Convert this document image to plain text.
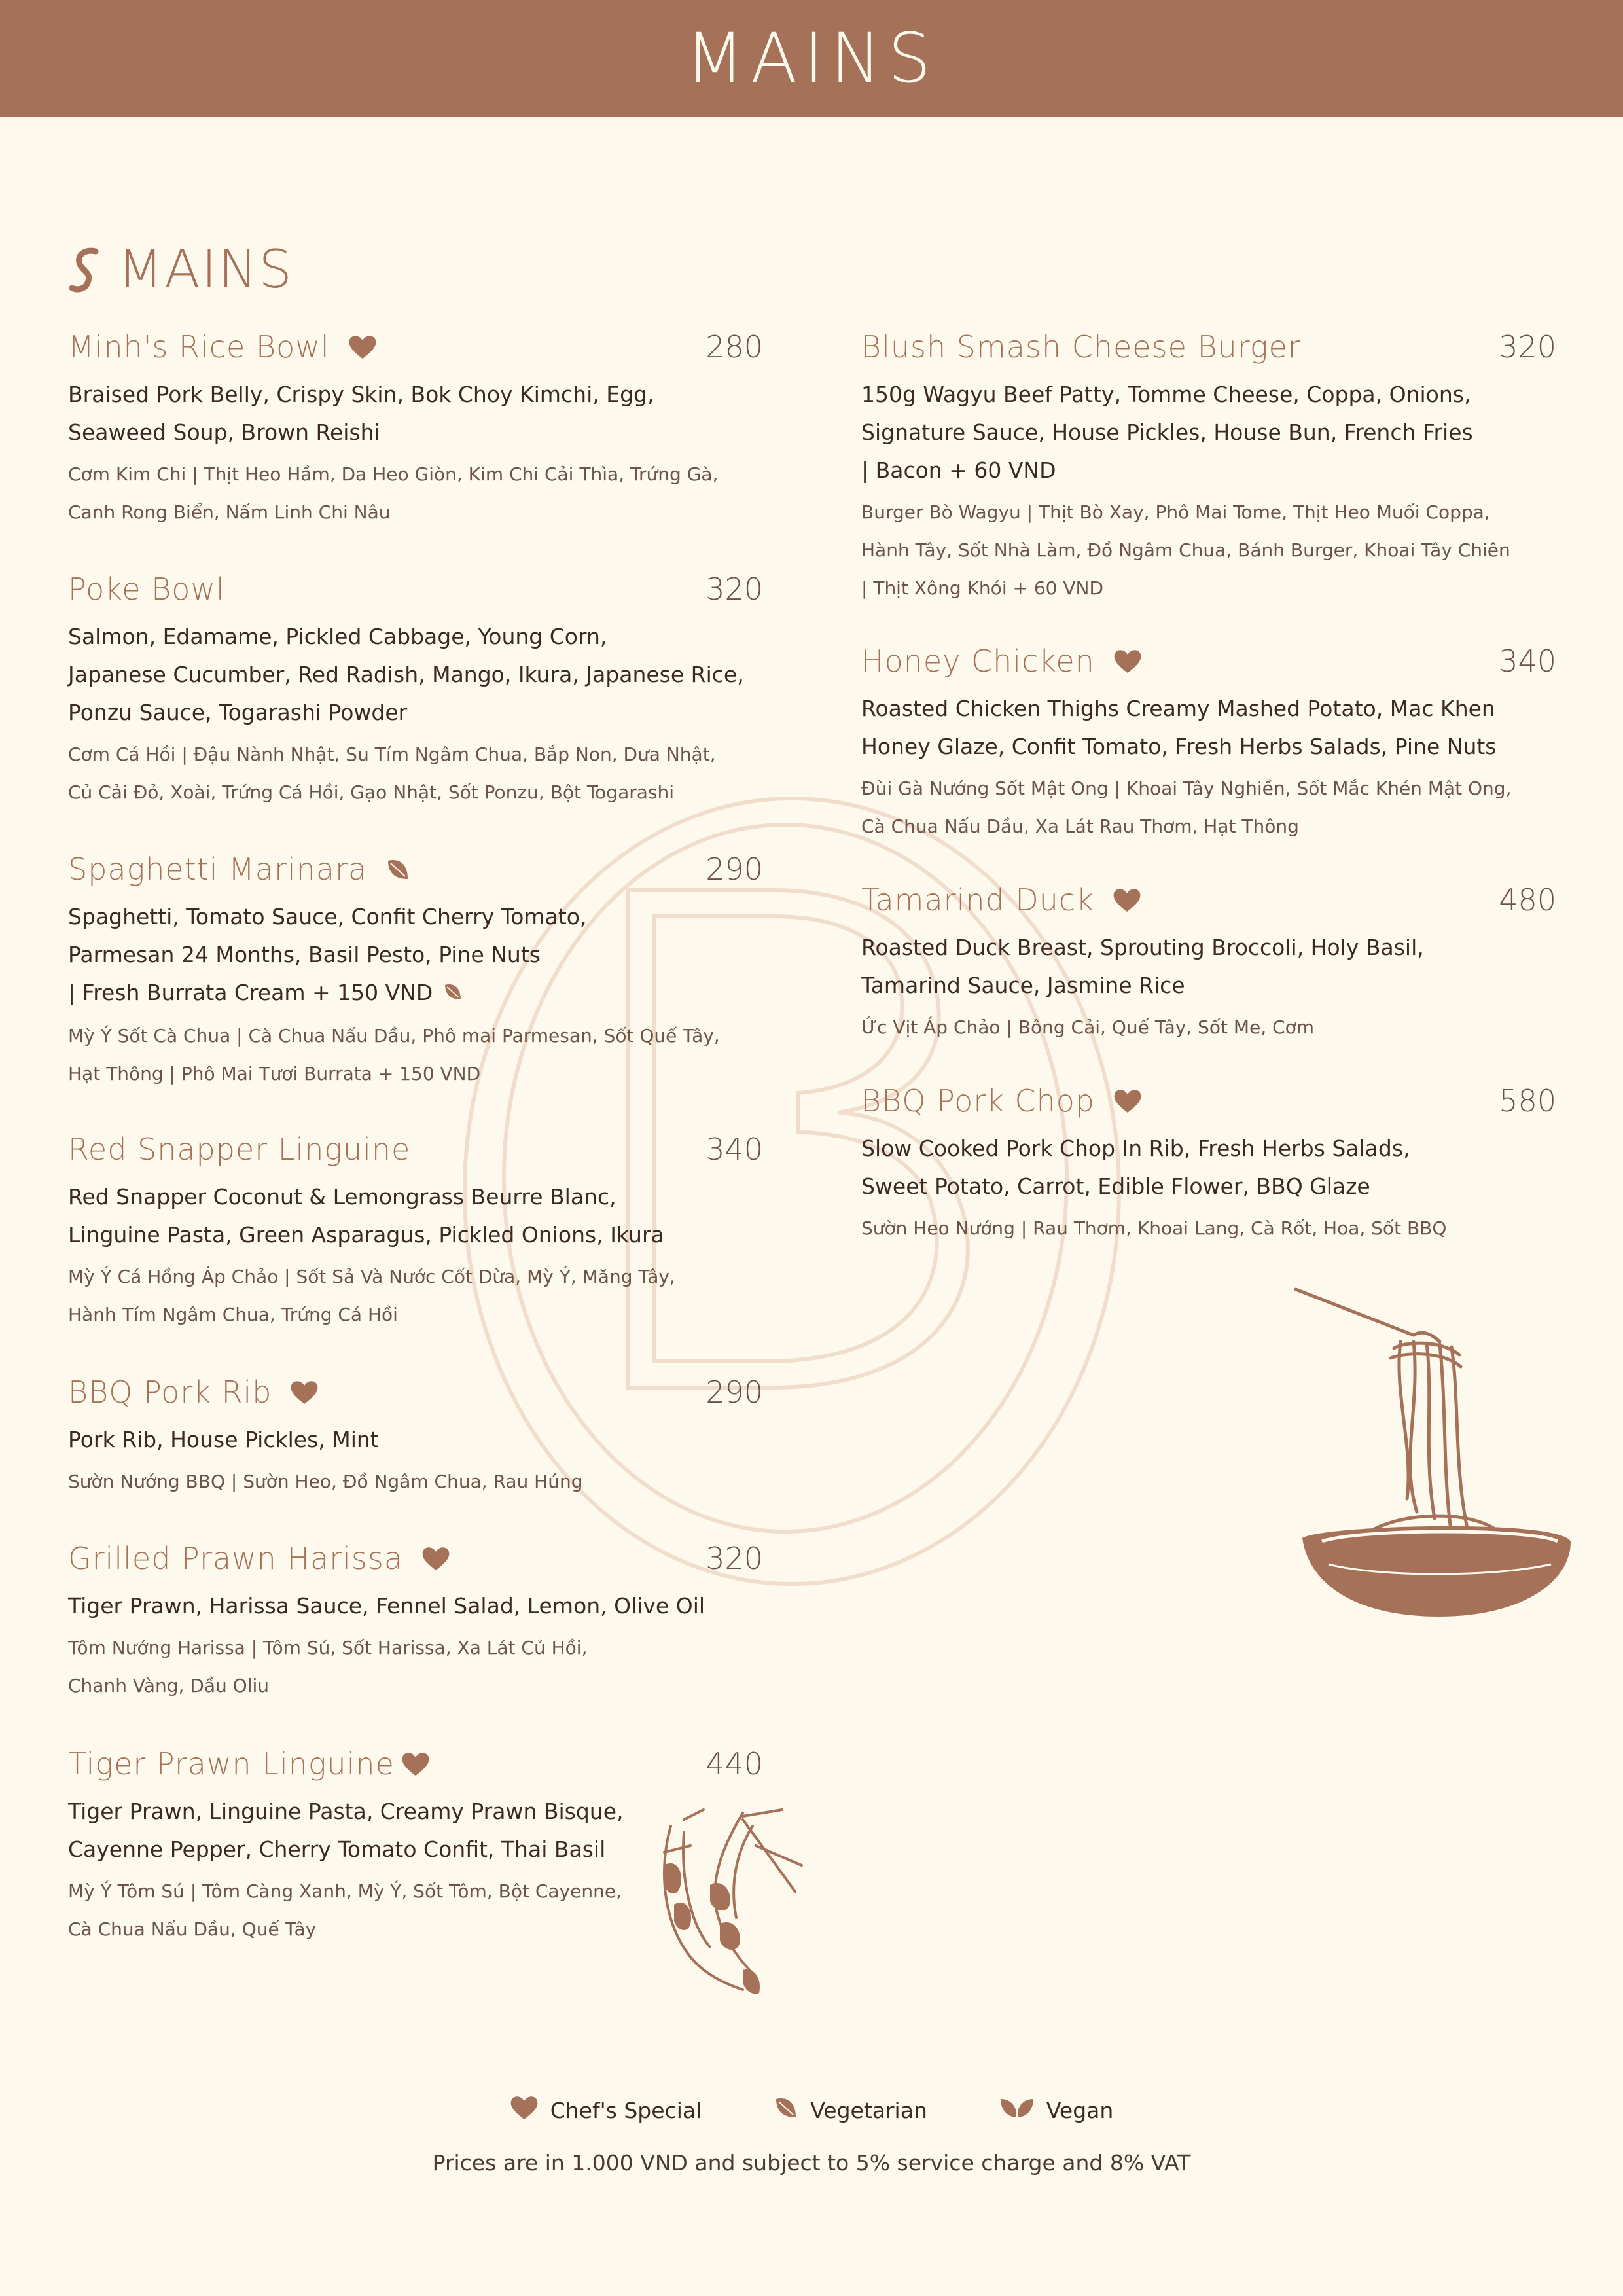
MAINS
MAINS
Minh's Rice Bowl	280
Braised Pork Belly, Crispy Skin, Bok Choy Kimchi, Egg,
Seaweed Soup, Brown Reishi
Cơm Kim Chi | Thịt Heo Hầm, Da Heo Giòn, Kim Chi Cải Thìa, Trứng Gà,
Canh Rong Biển, Nấm Linh Chi Nâu
Poke Bowl	320
Salmon, Edamame, Pickled Cabbage, Young Corn,
Japanese Cucumber, Red Radish, Mango, Ikura, Japanese Rice,
Ponzu Sauce, Togarashi Powder
Cơm Cá Hồi | Đậu Nành Nhật, Su Tím Ngâm Chua, Bắp Non, Dưa Nhật,
Củ Cải Đỏ, Xoài, Trứng Cá Hồi, Gạo Nhật, Sốt Ponzu, Bột Togarashi
Spaghetti Marinara	290
Spaghetti, Tomato Sauce, Confit Cherry Tomato,
Parmesan 24 Months, Basil Pesto, Pine Nuts
| Fresh Burrata Cream + 150 VND
Mỳ Ý Sốt Cà Chua | Cà Chua Nấu Dầu, Phô mai Parmesan, Sốt Quế Tây,
Hạt Thông | Phô Mai Tươi Burrata + 150 VND
Red Snapper Linguine	340
Red Snapper Coconut & Lemongrass Beurre Blanc,
Linguine Pasta, Green Asparagus, Pickled Onions, Ikura
Mỳ Ý Cá Hồng Áp Chảo | Sốt Sả Và Nước Cốt Dừa, Mỳ Ý, Măng Tây,
Hành Tím Ngâm Chua, Trứng Cá Hồi
BBQ Pork Rib	290
Pork Rib, House Pickles, Mint
Sườn Nướng BBQ | Sườn Heo, Đồ Ngâm Chua, Rau Húng
Grilled Prawn Harissa	320
Tiger Prawn, Harissa Sauce, Fennel Salad, Lemon, Olive Oil
Tôm Nướng Harissa | Tôm Sú, Sốt Harissa, Xa Lát Củ Hồi,
Chanh Vàng, Dầu Oliu
Tiger Prawn Linguine	440
Tiger Prawn, Linguine Pasta, Creamy Prawn Bisque,
Cayenne Pepper, Cherry Tomato Confit, Thai Basil
Mỳ Ý Tôm Sú | Tôm Càng Xanh, Mỳ Ý, Sốt Tôm, Bột Cayenne,
Cà Chua Nấu Dầu, Quế Tây
Blush Smash Cheese Burger	320
150g Wagyu Beef Patty, Tomme Cheese, Coppa, Onions,
Signature Sauce, House Pickles, House Bun, French Fries
| Bacon + 60 VND
Burger Bò Wagyu | Thịt Bò Xay, Phô Mai Tome, Thịt Heo Muối Coppa,
Hành Tây, Sốt Nhà Làm, Đồ Ngâm Chua, Bánh Burger, Khoai Tây Chiên
| Thịt Xông Khói + 60 VND
Honey Chicken	340
Roasted Chicken Thighs Creamy Mashed Potato, Mac Khen
Honey Glaze, Confit Tomato, Fresh Herbs Salads, Pine Nuts
Đùi Gà Nướng Sốt Mật Ong | Khoai Tây Nghiền, Sốt Mắc Khén Mật Ong,
Cà Chua Nấu Dầu, Xa Lát Rau Thơm, Hạt Thông
Tamarind Duck	480
Roasted Duck Breast, Sprouting Broccoli, Holy Basil,
Tamarind Sauce, Jasmine Rice
Ức Vịt Áp Chảo | Bông Cải, Quế Tây, Sốt Me, Cơm
BBQ Pork Chop	580
Slow Cooked Pork Chop In Rib, Fresh Herbs Salads,
Sweet Potato, Carrot, Edible Flower, BBQ Glaze
Sườn Heo Nướng | Rau Thơm, Khoai Lang, Cà Rốt, Hoa, Sốt BBQ
Chef's Special	Vegetarian	Vegan
Prices are in 1.000 VND and subject to 5% service charge and 8% VAT
